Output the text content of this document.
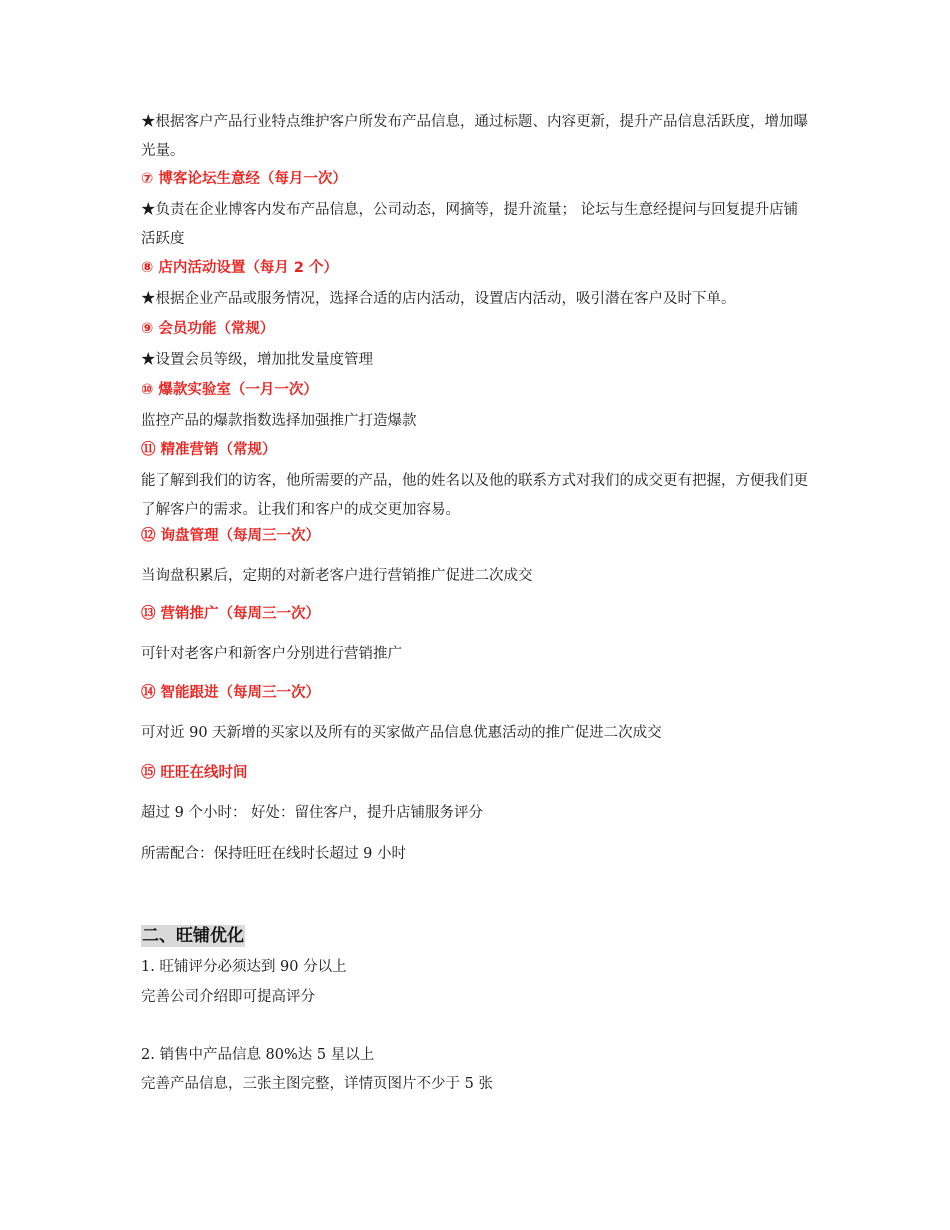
★根据客户产品行业特点维护客户所发布产品信息，通过标题、内容更新，提升产品信息活跃度，增加曝光量。

⑦ 博客论坛生意经（每月一次）

★负责在企业博客内发布产品信息，公司动态，网摘等，提升流量； 论坛与生意经提问与回复提升店铺活跃度

⑧ 店内活动设置（每月 2 个）

★根据企业产品或服务情况，选择合适的店内活动，设置店内活动，吸引潜在客户及时下单。

⑨ 会员功能（常规）

★设置会员等级，增加批发量度管理

⑩ 爆款实验室（一月一次）

监控产品的爆款指数选择加强推广打造爆款

⑪ 精准营销（常规）

能了解到我们的访客，他所需要的产品，他的姓名以及他的联系方式对我们的成交更有把握，方便我们更了解客户的需求。让我们和客户的成交更加容易。

⑫ 询盘管理（每周三一次）

当询盘积累后，定期的对新老客户进行营销推广促进二次成交

⑬ 营销推广（每周三一次）

可针对老客户和新客户分别进行营销推广

⑭ 智能跟进（每周三一次）

可对近 90 天新增的买家以及所有的买家做产品信息优惠活动的推广促进二次成交

⑮ 旺旺在线时间

超过 9 个小时： 好处：留住客户，提升店铺服务评分

所需配合：保持旺旺在线时长超过 9 小时

二、旺铺优化

1. 旺铺评分必须达到 90 分以上

完善公司介绍即可提高评分

2. 销售中产品信息 80%达 5 星以上

完善产品信息，三张主图完整，详情页图片不少于 5 张
